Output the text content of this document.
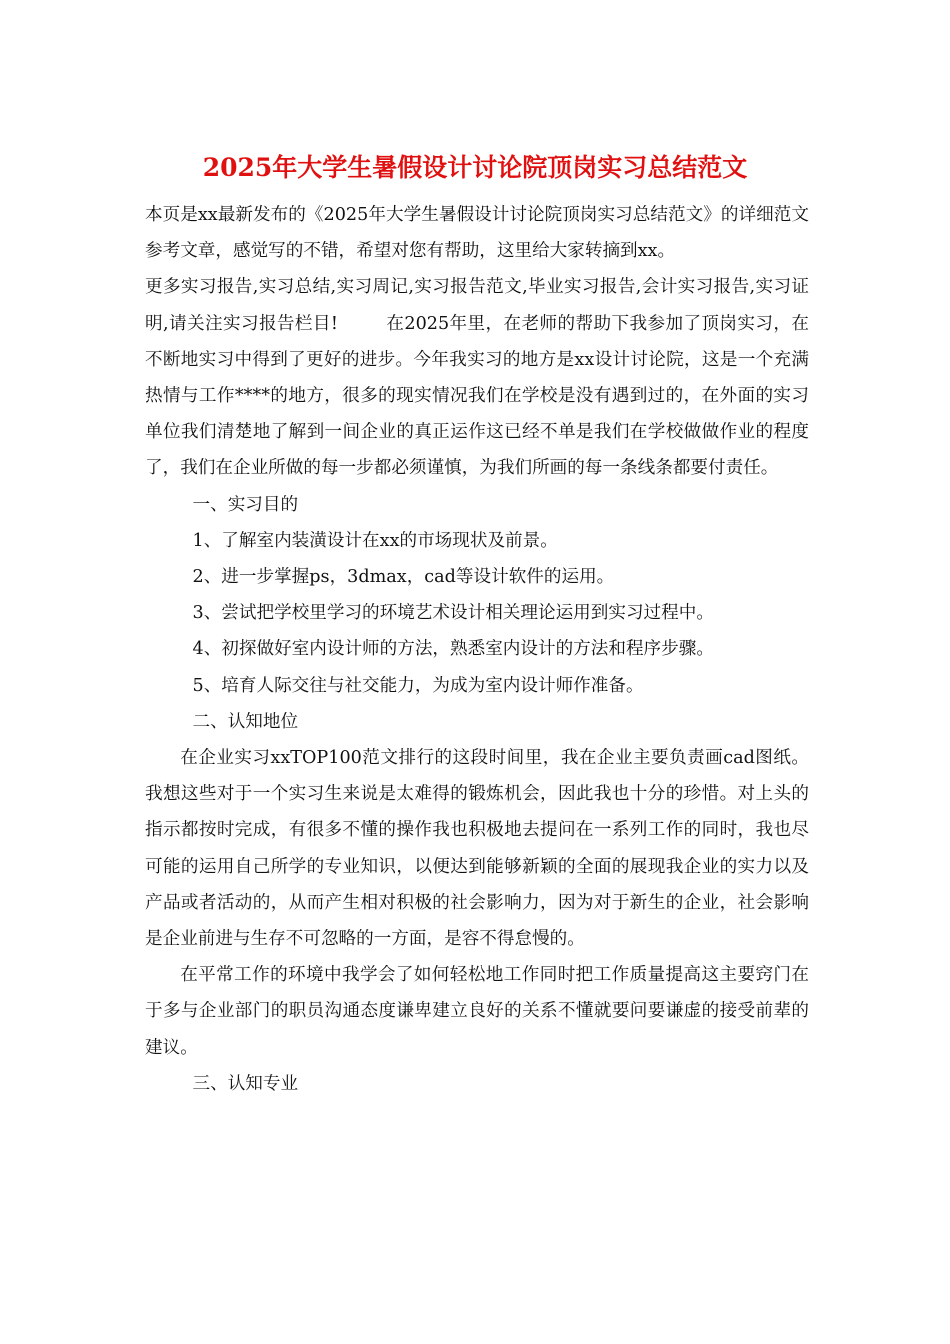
2025年大学生暑假设计讨论院顶岗实习总结范文

本页是xx最新发布的《2025年大学生暑假设计讨论院顶岗实习总结范文》的详细范文参考文章，感觉写的不错，希望对您有帮助，这里给大家转摘到xx。

更多实习报告,实习总结,实习周记,实习报告范文,毕业实习报告,会计实习报告,实习证明,请关注实习报告栏目!	在2025年里，在老师的帮助下我参加了顶岗实习，在不断地实习中得到了更好的进步。今年我实习的地方是xx设计讨论院，这是一个充满热情与工作****的地方，很多的现实情况我们在学校是没有遇到过的，在外面的实习单位我们清楚地了解到一间企业的真正运作这已经不单是我们在学校做做作业的程度了，我们在企业所做的每一步都必须谨慎，为我们所画的每一条线条都要付责任。

一、实习目的

1、了解室内装潢设计在xx的市场现状及前景。

2、进一步掌握ps，3dmax，cad等设计软件的运用。

3、尝试把学校里学习的环境艺术设计相关理论运用到实习过程中。

4、初探做好室内设计师的方法，熟悉室内设计的方法和程序步骤。

5、培育人际交往与社交能力，为成为室内设计师作准备。

二、认知地位

在企业实习xxTOP100范文排行的这段时间里，我在企业主要负责画cad图纸。我想这些对于一个实习生来说是太难得的锻炼机会，因此我也十分的珍惜。对上头的指示都按时完成，有很多不懂的操作我也积极地去提问在一系列工作的同时，我也尽可能的运用自己所学的专业知识，以便达到能够新颖的全面的展现我企业的实力以及产品或者活动的，从而产生相对积极的社会影响力，因为对于新生的企业，社会影响是企业前进与生存不可忽略的一方面，是容不得怠慢的。

在平常工作的环境中我学会了如何轻松地工作同时把工作质量提高这主要窍门在于多与企业部门的职员沟通态度谦卑建立良好的关系不懂就要问要谦虚的接受前辈的建议。

三、认知专业
